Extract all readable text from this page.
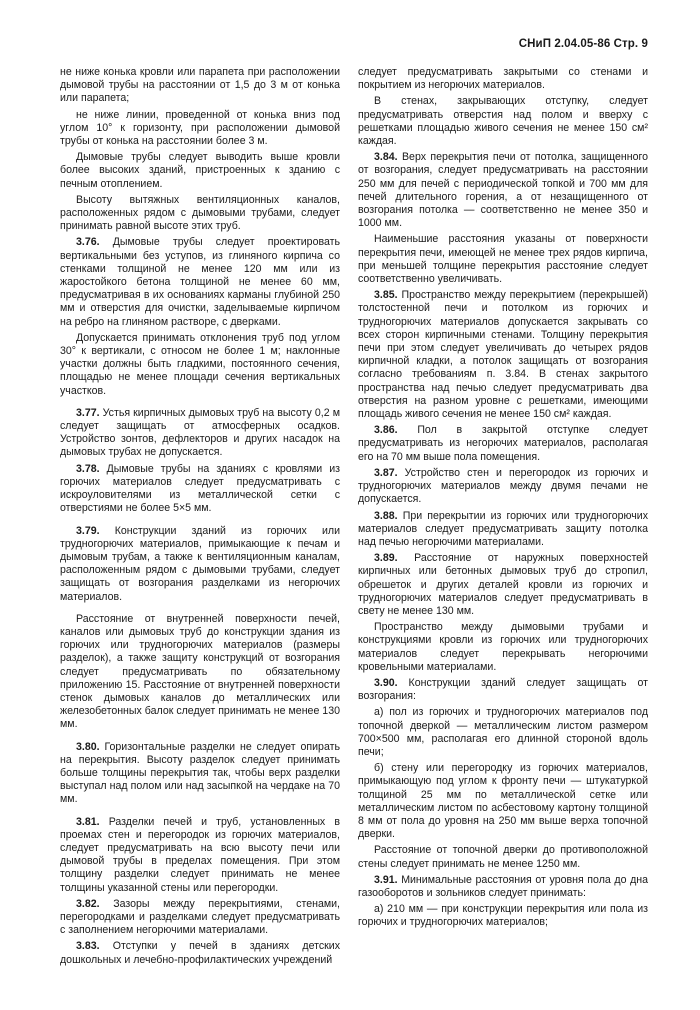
СНиП 2.04.05-86 Стр. 9

не ниже конька кровли или парапета при расположении дымовой трубы на расстоянии от 1,5 до 3 м от конька или парапета;

не ниже линии, проведенной от конька вниз под углом 10° к горизонту, при расположении дымовой трубы от конька на расстоянии более 3 м.

Дымовые трубы следует выводить выше кровли более высоких зданий, пристроенных к зданию с печным отоплением.

Высоту вытяжных вентиляционных каналов, расположенных рядом с дымовыми трубами, следует принимать равной высоте этих труб.

3.76. Дымовые трубы следует проектировать вертикальными без уступов, из глиняного кирпича со стенками толщиной не менее 120 мм или из жаростойкого бетона толщиной не менее 60 мм, предусматривая в их основаниях карманы глубиной 250 мм и отверстия для очистки, заделываемые кирпичом на ребро на глиняном растворе, с дверками.

Допускается принимать отклонения труб под углом 30° к вертикали, с относом не более 1 м; наклонные участки должны быть гладкими, постоянного сечения, площадью не менее площади сечения вертикальных участков.

3.77. Устья кирпичных дымовых труб на высоту 0,2 м следует защищать от атмосферных осадков. Устройство зонтов, дефлекторов и других насадок на дымовых трубах не допускается.

3.78. Дымовые трубы на зданиях с кровлями из горючих материалов следует предусматривать с искроуловителями из металлической сетки с отверстиями не более 5×5 мм.

3.79. Конструкции зданий из горючих или трудногорючих материалов, примыкающие к печам и дымовым трубам, а также к вентиляционным каналам, расположенным рядом с дымовыми трубами, следует защищать от возгорания разделками из негорючих материалов.

Расстояние от внутренней поверхности печей, каналов или дымовых труб до конструкции здания из горючих или трудногорючих материалов (размеры разделок), а также защиту конструкций от возгорания следует предусматривать по обязательному приложению 15. Расстояние от внутренней поверхности стенок дымовых каналов до металлических или железобетонных балок следует принимать не менее 130 мм.

3.80. Горизонтальные разделки не следует опирать на перекрытия. Высоту разделок следует принимать больше толщины перекрытия так, чтобы верх разделки выступал над полом или над засыпкой на чердаке на 70 мм.

3.81. Разделки печей и труб, установленных в проемах стен и перегородок из горючих материалов, следует предусматривать на всю высоту печи или дымовой трубы в пределах помещения. При этом толщину разделки следует принимать не менее толщины указанной стены или перегородки.

3.82. Зазоры между перекрытиями, стенами, перегородками и разделками следует предусматривать с заполнением негорючими материалами.

3.83. Отступки у печей в зданиях детских дошкольных и лечебно-профилактических учреждений

следует предусматривать закрытыми со стенами и покрытием из негорючих материалов.

В стенах, закрывающих отступку, следует предусматривать отверстия над полом и вверху с решетками площадью живого сечения не менее 150 см² каждая.

3.84. Верх перекрытия печи от потолка, защищенного от возгорания, следует предусматривать на расстоянии 250 мм для печей с периодической топкой и 700 мм для печей длительного горения, а от незащищенного от возгорания потолка — соответственно не менее 350 и 1000 мм.

Наименьшие расстояния указаны от поверхности перекрытия печи, имеющей не менее трех рядов кирпича, при меньшей толщине перекрытия расстояние следует соответственно увеличивать.

3.85. Пространство между перекрытием (перекрышей) толстостенной печи и потолком из горючих и трудногорючих материалов допускается закрывать со всех сторон кирпичными стенами. Толщину перекрытия печи при этом следует увеличивать до четырех рядов кирпичной кладки, а потолок защищать от возгорания согласно требованиям п. 3.84. В стенах закрытого пространства над печью следует предусматривать два отверстия на разном уровне с решетками, имеющими площадь живого сечения не менее 150 см² каждая.

3.86. Пол в закрытой отступке следует предусматривать из негорючих материалов, располагая его на 70 мм выше пола помещения.

3.87. Устройство стен и перегородок из горючих и трудногорючих материалов между двумя печами не допускается.

3.88. При перекрытии из горючих или трудногорючих материалов следует предусматривать защиту потолка над печью негорючими материалами.

3.89. Расстояние от наружных поверхностей кирпичных или бетонных дымовых труб до стропил, обрешеток и других деталей кровли из горючих и трудногорючих материалов следует предусматривать в свету не менее 130 мм.

Пространство между дымовыми трубами и конструкциями кровли из горючих или трудногорючих материалов следует перекрывать негорючими кровельными материалами.

3.90. Конструкции зданий следует защищать от возгорания:

а) пол из горючих и трудногорючих материалов под топочной дверкой — металлическим листом размером 700×500 мм, располагая его длинной стороной вдоль печи;

б) стену или перегородку из горючих материалов, примыкающую под углом к фронту печи — штукатуркой толщиной 25 мм по металлической сетке или металлическим листом по асбестовому картону толщиной 8 мм от пола до уровня на 250 мм выше верха топочной дверки.

Расстояние от топочной дверки до противоположной стены следует принимать не менее 1250 мм.

3.91. Минимальные расстояния от уровня пола до дна газооборотов и зольников следует принимать:

а) 210 мм — при конструкции перекрытия или пола из горючих и трудногорючих материалов;
